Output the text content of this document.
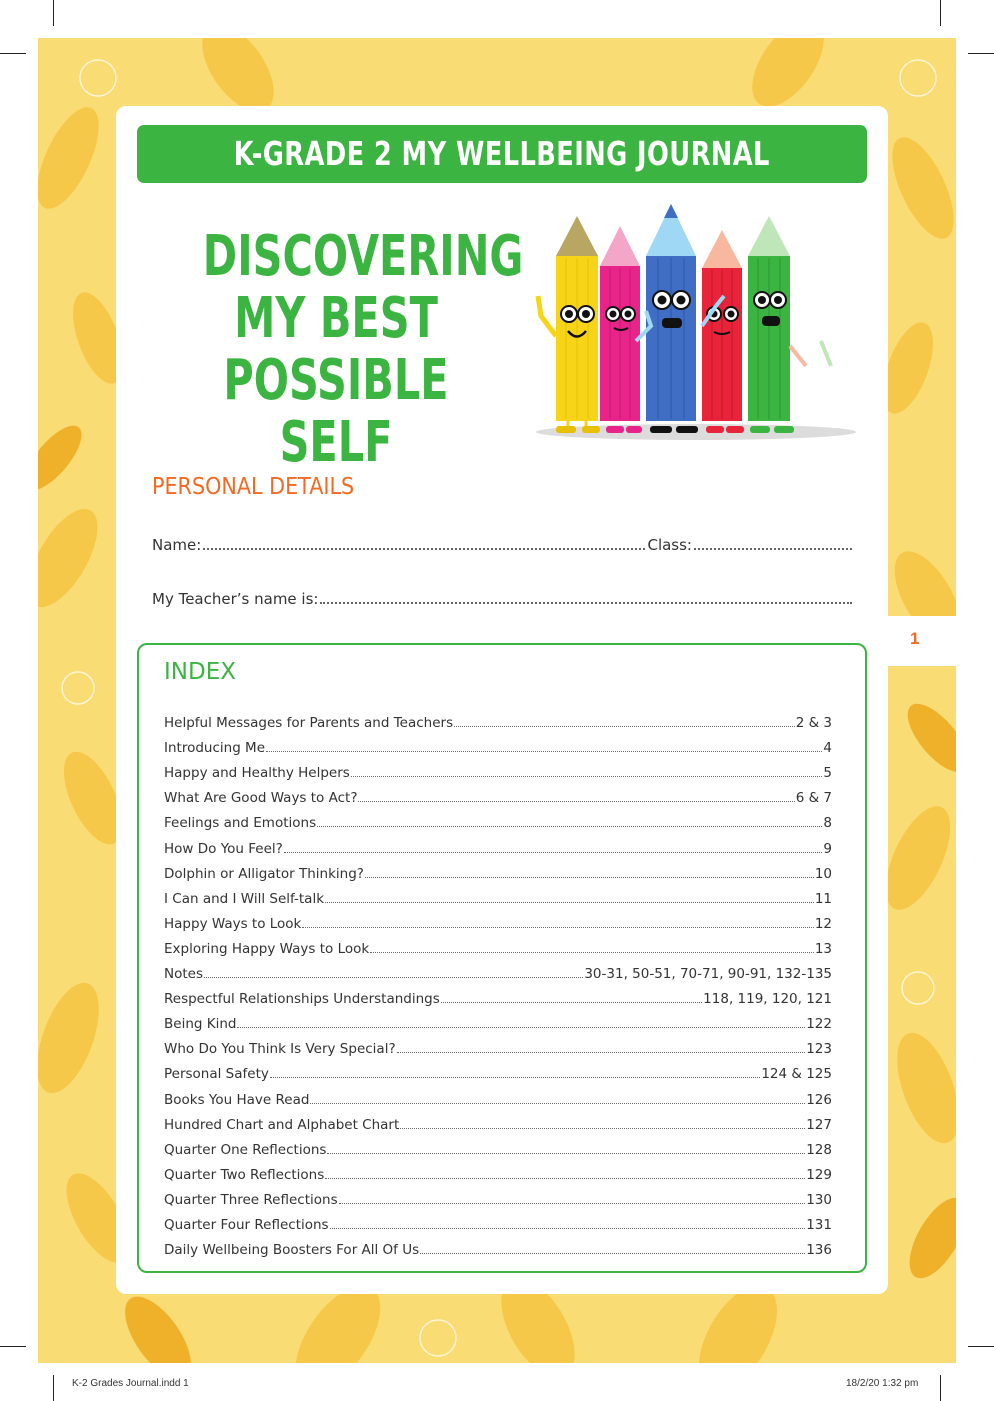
K-GRADE 2 MY WELLBEING JOURNAL
DISCOVERING
MY BEST
POSSIBLE SELF
PERSONAL DETAILS
Name:	Class:
My Teacher’s name is:
INDEX
Helpful Messages for Parents and Teachers	2 & 3
Introducing Me	4
Happy and Healthy Helpers	5
What Are Good Ways to Act?	6 & 7
Feelings and Emotions	8
How Do You Feel?	9
Dolphin or Alligator Thinking?	10
I Can and I Will Self-talk	11
Happy Ways to Look	12
Exploring Happy Ways to Look	13
Notes	30-31, 50-51, 70-71, 90-91, 132-135
Respectful Relationships Understandings	118, 119, 120, 121
Being Kind	122
Who Do You Think Is Very Special?	123
Personal Safety	124 & 125
Books You Have Read	126
Hundred Chart and Alphabet Chart	127
Quarter One Reflections	128
Quarter Two Reflections	129
Quarter Three Reflections	130
Quarter Four Reflections	131
Daily Wellbeing Boosters For All Of Us	136
1
K-2 Grades Journal.indd 1	18/2/20 1:32 pm
